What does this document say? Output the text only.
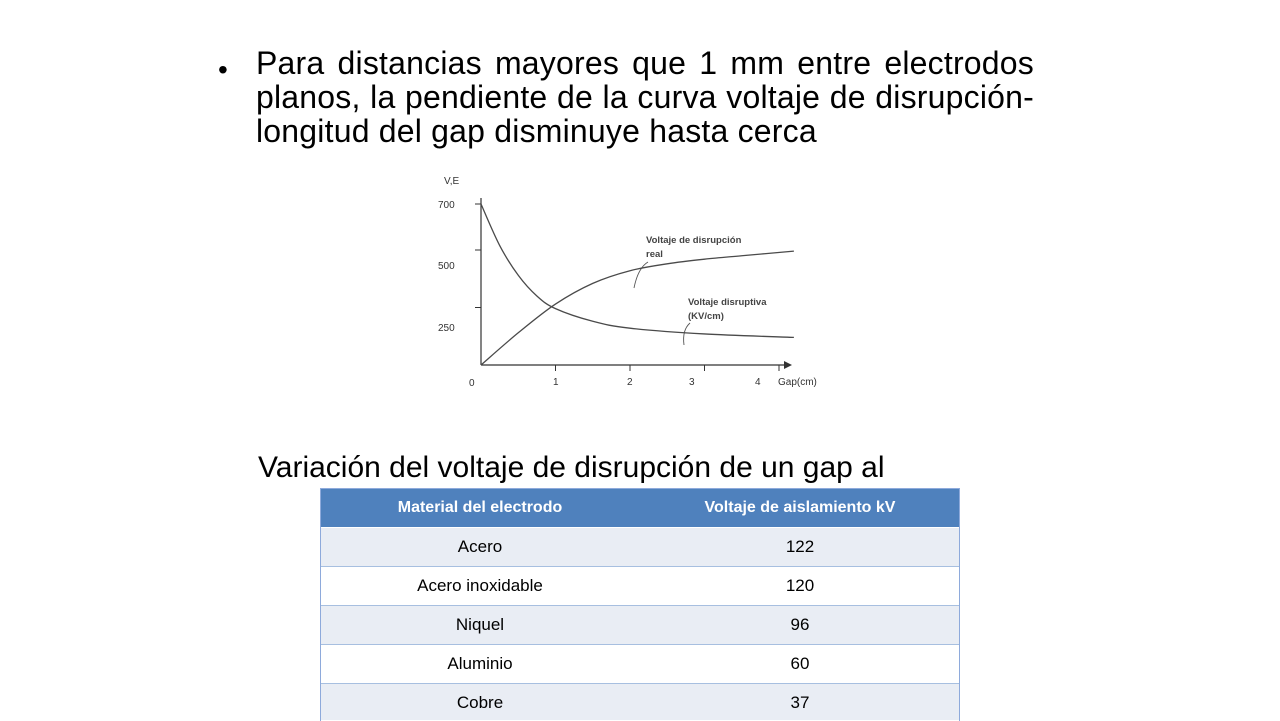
• Para distancias mayores que 1 mm entre electrodos planos, la pendiente de la curva voltaje de disrupción-longitud del gap disminuye hasta cerca
V,E
700
500
250
0	1	2	3	4 Gap(cm)
Voltaje de disrupción
real
Voltaje disruptiva
(KV/cm)
Variación del voltaje de disrupción de un gap al
Material del electrodo	Voltaje de aislamiento kV
Acero	122
Acero inoxidable	120
Niquel	96
Aluminio	60
Cobre	37
